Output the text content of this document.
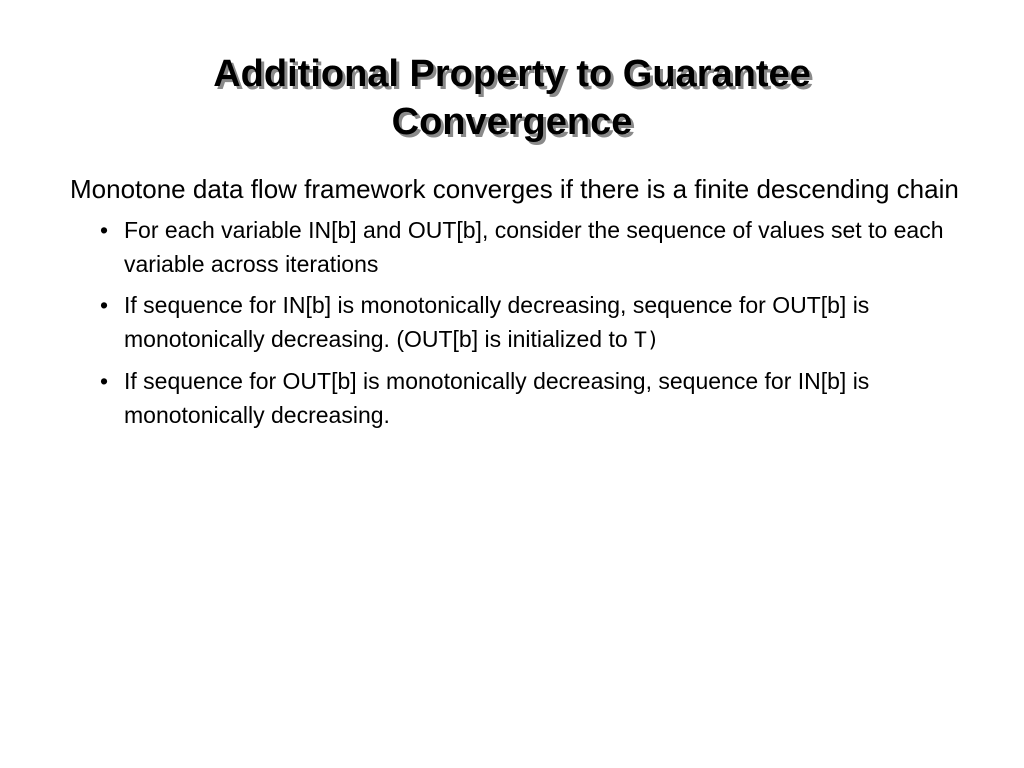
Additional Property to Guarantee
Convergence

Monotone data flow framework converges if there is a finite descending chain

• For each variable IN[b] and OUT[b], consider the sequence of values set to each variable across iterations
• If sequence for IN[b] is monotonically decreasing, sequence for OUT[b] is monotonically decreasing. (OUT[b] is initialized to T)
• If sequence for OUT[b] is monotonically decreasing, sequence for IN[b] is monotonically decreasing.
